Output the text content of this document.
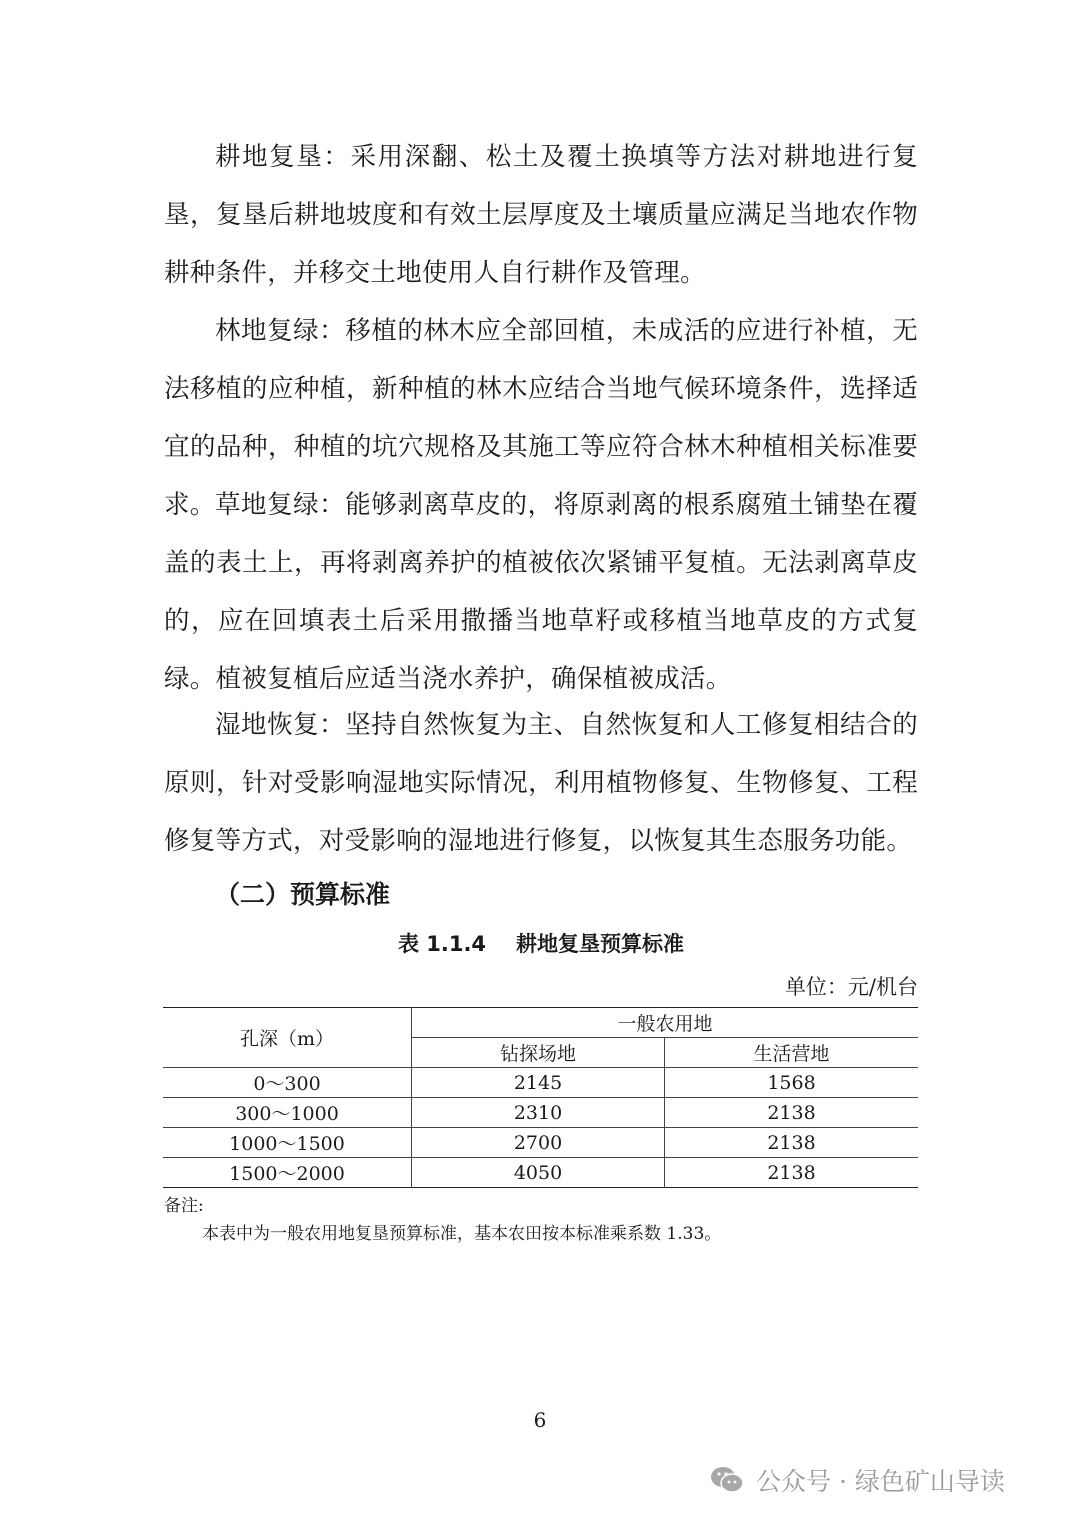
耕地复垦：采用深翻、松土及覆土换填等方法对耕地进行复垦，复垦后耕地坡度和有效土层厚度及土壤质量应满足当地农作物耕种条件，并移交土地使用人自行耕作及管理。

林地复绿：移植的林木应全部回植，未成活的应进行补植，无法移植的应种植，新种植的林木应结合当地气候环境条件，选择适宜的品种，种植的坑穴规格及其施工等应符合林木种植相关标准要求。 草地复绿：能够剥离草皮的，将原剥离的根系腐殖土铺垫在覆盖的表土上，再将剥离养护的植被依次紧铺平复植。无法剥离草皮的，应在回填表土后采用撒播当地草籽或移植当地草皮的方式复绿。植被复植后应适当浇水养护，确保植被成活。

湿地恢复：坚持自然恢复为主、自然恢复和人工修复相结合的原则，针对受影响湿地实际情况，利用植物修复、生物修复、工程修复等方式，对受影响的湿地进行修复，以恢复其生态服务功能。

（二）预算标准
表 1.1.4 耕地复垦预算标准
单位：元/机台
孔深（m）	一般农用地	
	钻探场地	生活营地
0～300	2145	1568
300～1000	2310	2138
1000～1500	2700	2138
1500～2000	4050	2138
备注:
本表中为一般农用地复垦预算标准，基本农田按本标准乘系数 1.33。
6
公众号 · 绿色矿山导读
